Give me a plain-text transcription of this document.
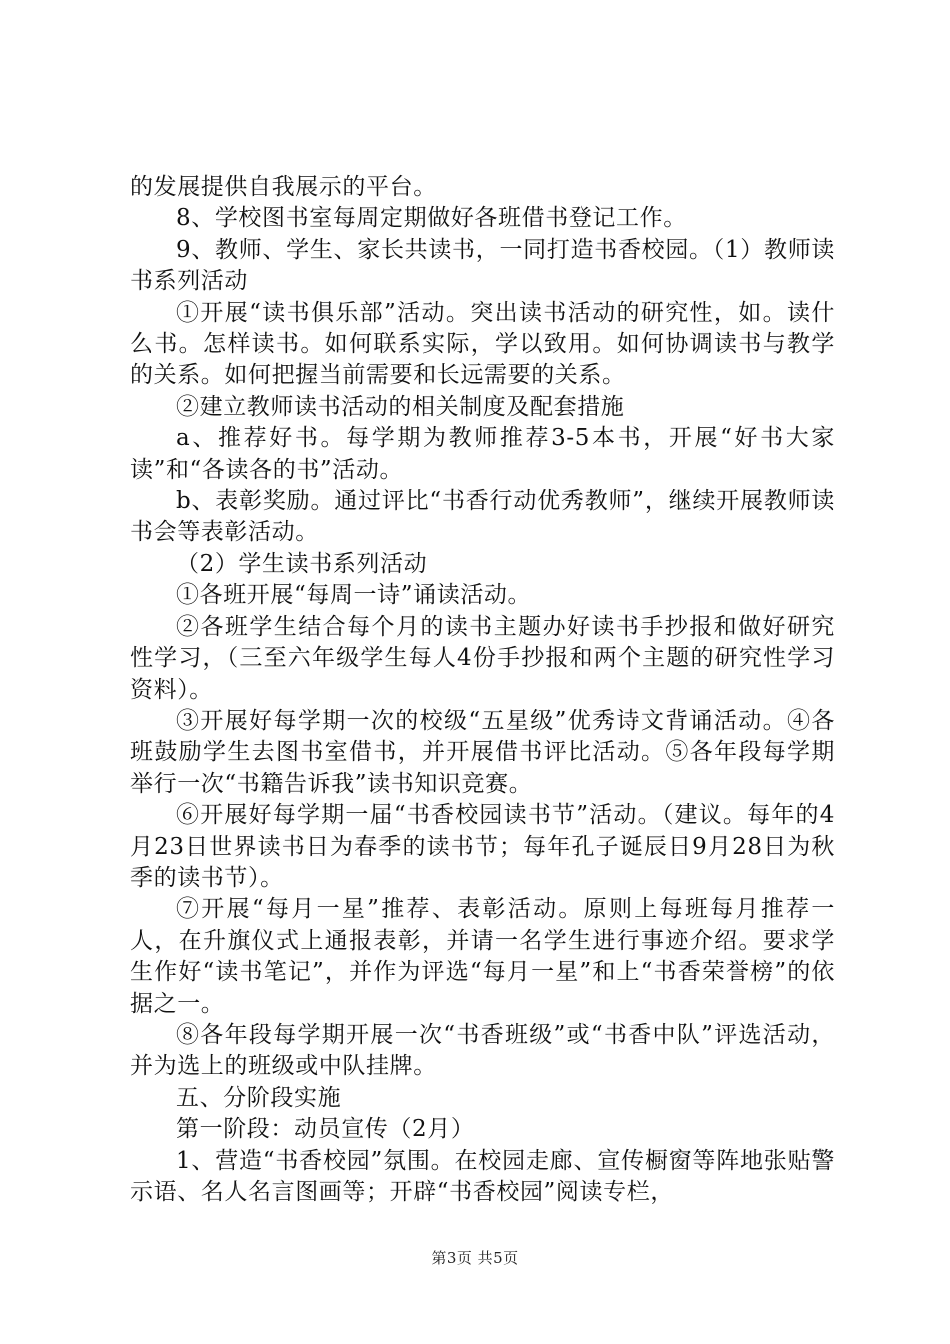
的发展提供自我展示的平台。

8、学校图书室每周定期做好各班借书登记工作。

9、教师、学生、家长共读书，一同打造书香校园。（1）教师读书系列活动

①开展“读书俱乐部”活动。突出读书活动的研究性，如。读什么书。怎样读书。如何联系实际，学以致用。如何协调读书与教学的关系。如何把握当前需要和长远需要的关系。

②建立教师读书活动的相关制度及配套措施

a、推荐好书。每学期为教师推荐3-5本书，开展“好书大家读”和“各读各的书”活动。

b、表彰奖励。通过评比“书香行动优秀教师”，继续开展教师读书会等表彰活动。

（2）学生读书系列活动

①各班开展“每周一诗”诵读活动。

②各班学生结合每个月的读书主题办好读书手抄报和做好研究性学习，（三至六年级学生每人4份手抄报和两个主题的研究性学习资料）。

③开展好每学期一次的校级“五星级”优秀诗文背诵活动。④各班鼓励学生去图书室借书，并开展借书评比活动。⑤各年段每学期举行一次“书籍告诉我”读书知识竞赛。

⑥开展好每学期一届“书香校园读书节”活动。（建议。每年的4月23日世界读书日为春季的读书节；每年孔子诞辰日9月28日为秋季的读书节）。

⑦开展“每月一星”推荐、表彰活动。原则上每班每月推荐一人，在升旗仪式上通报表彰，并请一名学生进行事迹介绍。要求学生作好“读书笔记”，并作为评选“每月一星”和上“书香荣誉榜”的依据之一。

⑧各年段每学期开展一次“书香班级”或“书香中队”评选活动，并为选上的班级或中队挂牌。

五、分阶段实施

第一阶段：动员宣传（2月）

1、营造“书香校园”氛围。在校园走廊、宣传橱窗等阵地张贴警示语、名人名言图画等；开辟“书香校园”阅读专栏，

第3页 共5页
